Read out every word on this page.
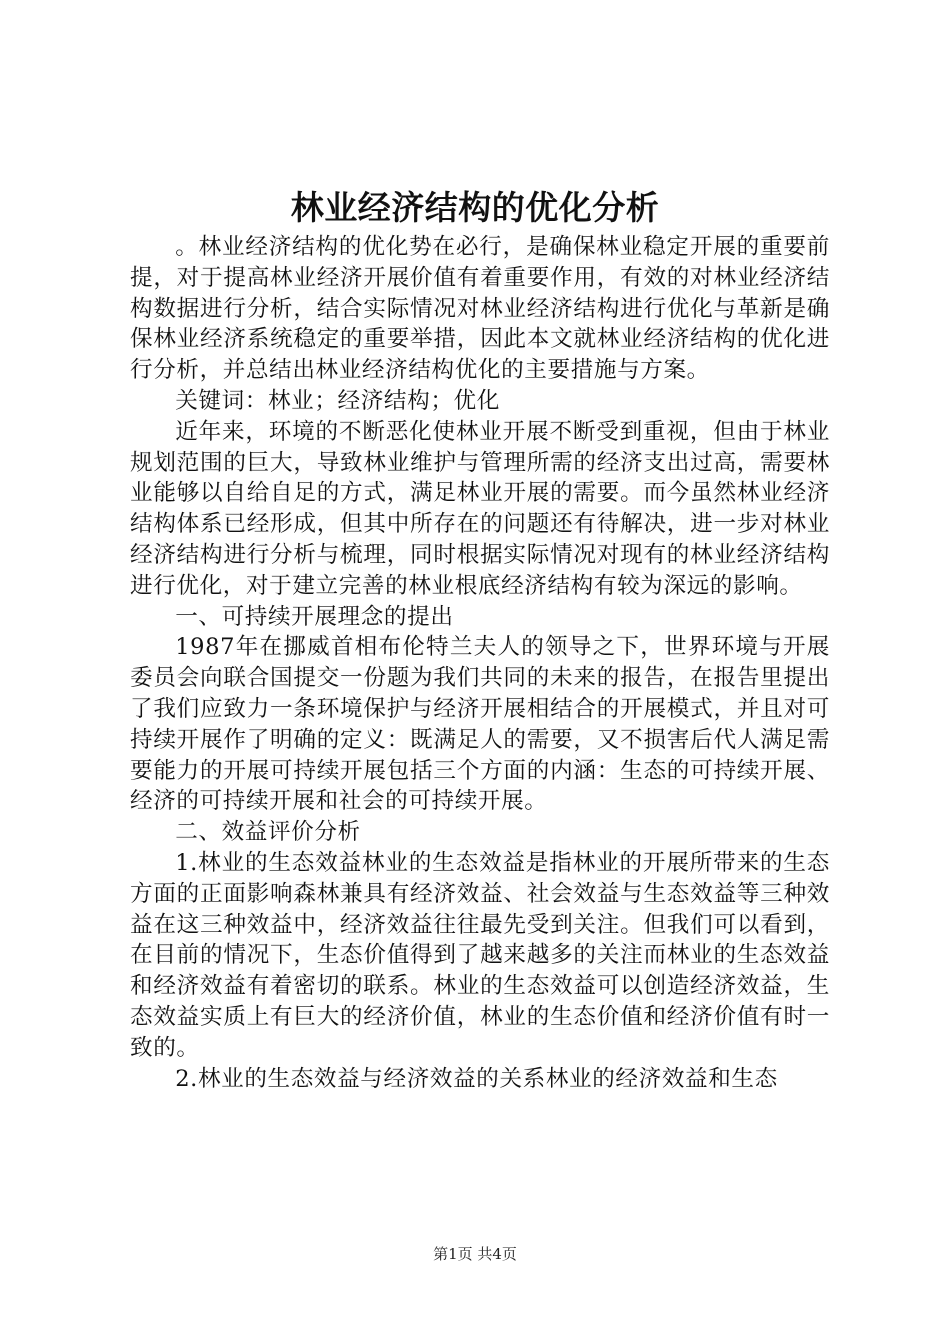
林业经济结构的优化分析

。林业经济结构的优化势在必行，是确保林业稳定开展的重要前提，对于提高林业经济开展价值有着重要作用，有效的对林业经济结构数据进行分析，结合实际情况对林业经济结构进行优化与革新是确保林业经济系统稳定的重要举措，因此本文就林业经济结构的优化进行分析，并总结出林业经济结构优化的主要措施与方案。

关键词：林业；经济结构；优化

近年来，环境的不断恶化使林业开展不断受到重视，但由于林业规划范围的巨大，导致林业维护与管理所需的经济支出过高，需要林业能够以自给自足的方式，满足林业开展的需要。而今虽然林业经济结构体系已经形成，但其中所存在的问题还有待解决，进一步对林业经济结构进行分析与梳理，同时根据实际情况对现有的林业经济结构进行优化，对于建立完善的林业根底经济结构有较为深远的影响。

一、可持续开展理念的提出

1987年在挪威首相布伦特兰夫人的领导之下，世界环境与开展委员会向联合国提交一份题为我们共同的未来的报告，在报告里提出了我们应致力一条环境保护与经济开展相结合的开展模式，并且对可持续开展作了明确的定义：既满足人的需要，又不损害后代人满足需要能力的开展可持续开展包括三个方面的内涵：生态的可持续开展、经济的可持续开展和社会的可持续开展。

二、效益评价分析

1.林业的生态效益林业的生态效益是指林业的开展所带来的生态方面的正面影响森林兼具有经济效益、社会效益与生态效益等三种效益在这三种效益中，经济效益往往最先受到关注。但我们可以看到，在目前的情况下，生态价值得到了越来越多的关注而林业的生态效益和经济效益有着密切的联系。林业的生态效益可以创造经济效益，生态效益实质上有巨大的经济价值，林业的生态价值和经济价值有时一致的。

2.林业的生态效益与经济效益的关系林业的经济效益和生态

第1页 共4页
